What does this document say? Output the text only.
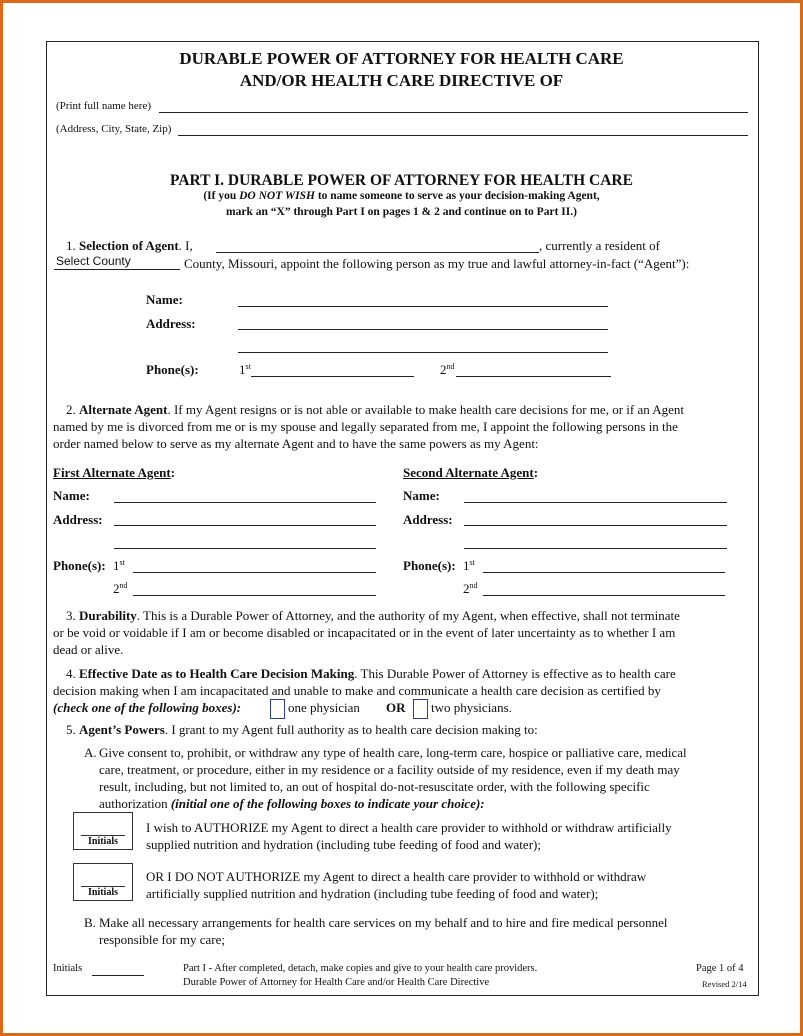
DURABLE POWER OF ATTORNEY FOR HEALTH CARE
AND/OR HEALTH CARE DIRECTIVE OF
(Print full name here)
(Address, City, State, Zip)
PART I. DURABLE POWER OF ATTORNEY FOR HEALTH CARE
(If you DO NOT WISH to name someone to serve as your decision-making Agent,
mark an “X” through Part I on pages 1 & 2 and continue on to Part II.)
1. Selection of Agent. I,	, currently a resident of
Select County	County, Missouri, appoint the following person as my true and lawful attorney-in-fact (“Agent”):
Name:
Address:
Phone(s):	1st	2nd
2. Alternate Agent. If my Agent resigns or is not able or available to make health care decisions for me, or if an Agent
named by me is divorced from me or is my spouse and legally separated from me, I appoint the following persons in the
order named below to serve as my alternate Agent and to have the same powers as my Agent:
First Alternate Agent:	Second Alternate Agent:
Name:	Name:
Address:	Address:
Phone(s): 1st	Phone(s): 1st
2nd	2nd
3. Durability. This is a Durable Power of Attorney, and the authority of my Agent, when effective, shall not terminate
or be void or voidable if I am or become disabled or incapacitated or in the event of later uncertainty as to whether I am
dead or alive.
4. Effective Date as to Health Care Decision Making. This Durable Power of Attorney is effective as to health care
decision making when I am incapacitated and unable to make and communicate a health care decision as certified by
(check one of the following boxes):	one physician OR two physicians.
5. Agent’s Powers. I grant to my Agent full authority as to health care decision making to:
A. Give consent to, prohibit, or withdraw any type of health care, long-term care, hospice or palliative care, medical
care, treatment, or procedure, either in my residence or a facility outside of my residence, even if my death may
result, including, but not limited to, an out of hospital do-not-resuscitate order, with the following specific
authorization (initial one of the following boxes to indicate your choice):
Initials
I wish to AUTHORIZE my Agent to direct a health care provider to withhold or withdraw artificially
supplied nutrition and hydration (including tube feeding of food and water);
Initials
OR I DO NOT AUTHORIZE my Agent to direct a health care provider to withhold or withdraw
artificially supplied nutrition and hydration (including tube feeding of food and water);
B. Make all necessary arrangements for health care services on my behalf and to hire and fire medical personnel
responsible for my care;
Initials	Part I - After completed, detach, make copies and give to your health care providers.
Durable Power of Attorney for Health Care and/or Health Care Directive
Page 1 of 4
Revised 2/14
